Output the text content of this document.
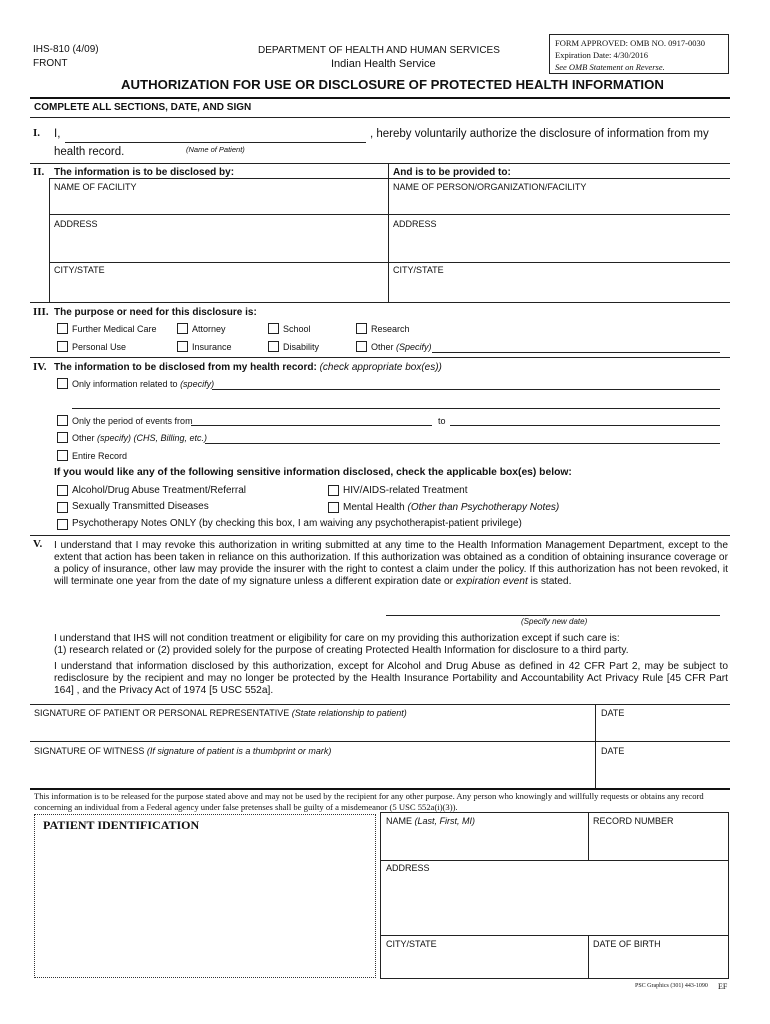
IHS-810 (4/09)
FRONT
DEPARTMENT OF HEALTH AND HUMAN SERVICES
Indian Health Service
FORM APPROVED: OMB NO. 0917-0030
Expiration Date: 4/30/2016
See OMB Statement on Reverse.
AUTHORIZATION FOR USE OR DISCLOSURE OF PROTECTED HEALTH INFORMATION
COMPLETE ALL SECTIONS, DATE, AND SIGN
I. I,	, hereby voluntarily authorize the disclosure of information from my
health record.	(Name of Patient)
II. The information is to be disclosed by:	And is to be provided to:
NAME OF FACILITY	NAME OF PERSON/ORGANIZATION/FACILITY
ADDRESS	ADDRESS
CITY/STATE	CITY/STATE
III. The purpose or need for this disclosure is:
Further Medical Care	Attorney	School	Research
Personal Use	Insurance	Disability	Other (Specify)
IV. The information to be disclosed from my health record: (check appropriate box(es))
Only information related to (specify)
Only the period of events from	to
Other (specify) (CHS, Billing, etc.)
Entire Record
If you would like any of the following sensitive information disclosed, check the applicable box(es) below:
Alcohol/Drug Abuse Treatment/Referral	HIV/AIDS-related Treatment
Sexually Transmitted Diseases	Mental Health (Other than Psychotherapy Notes)
Psychotherapy Notes ONLY (by checking this box, I am waiving any psychotherapist-patient privilege)
V. I understand that I may revoke this authorization in writing submitted at any time to the Health Information Management Department, except to the extent that action has been taken in reliance on this authorization. If this authorization was obtained as a condition of obtaining insurance coverage or a policy of insurance, other law may provide the insurer with the right to contest a claim under the policy. If this authorization has not been revoked, it will terminate one year from the date of my signature unless a different expiration date or expiration event is stated.
(Specify new date)
I understand that IHS will not condition treatment or eligibility for care on my providing this authorization except if such care is:
(1) research related or (2) provided solely for the purpose of creating Protected Health Information for disclosure to a third party.
I understand that information disclosed by this authorization, except for Alcohol and Drug Abuse as defined in 42 CFR Part 2, may be subject to redisclosure by the recipient and may no longer be protected by the Health Insurance Portability and Accountability Act Privacy Rule [45 CFR Part 164] , and the Privacy Act of 1974 [5 USC 552a].
SIGNATURE OF PATIENT OR PERSONAL REPRESENTATIVE (State relationship to patient)	DATE
SIGNATURE OF WITNESS (If signature of patient is a thumbprint or mark)	DATE
This information is to be released for the purpose stated above and may not be used by the recipient for any other purpose. Any person who knowingly and willfully requests or obtains any record concerning an individual from a Federal agency under false pretenses shall be guilty of a misdemeanor (5 USC 552a(i)(3)).
PATIENT IDENTIFICATION	NAME (Last, First, MI)	RECORD NUMBER
ADDRESS
CITY/STATE	DATE OF BIRTH
PSC Graphics (301) 443-1090 EF
